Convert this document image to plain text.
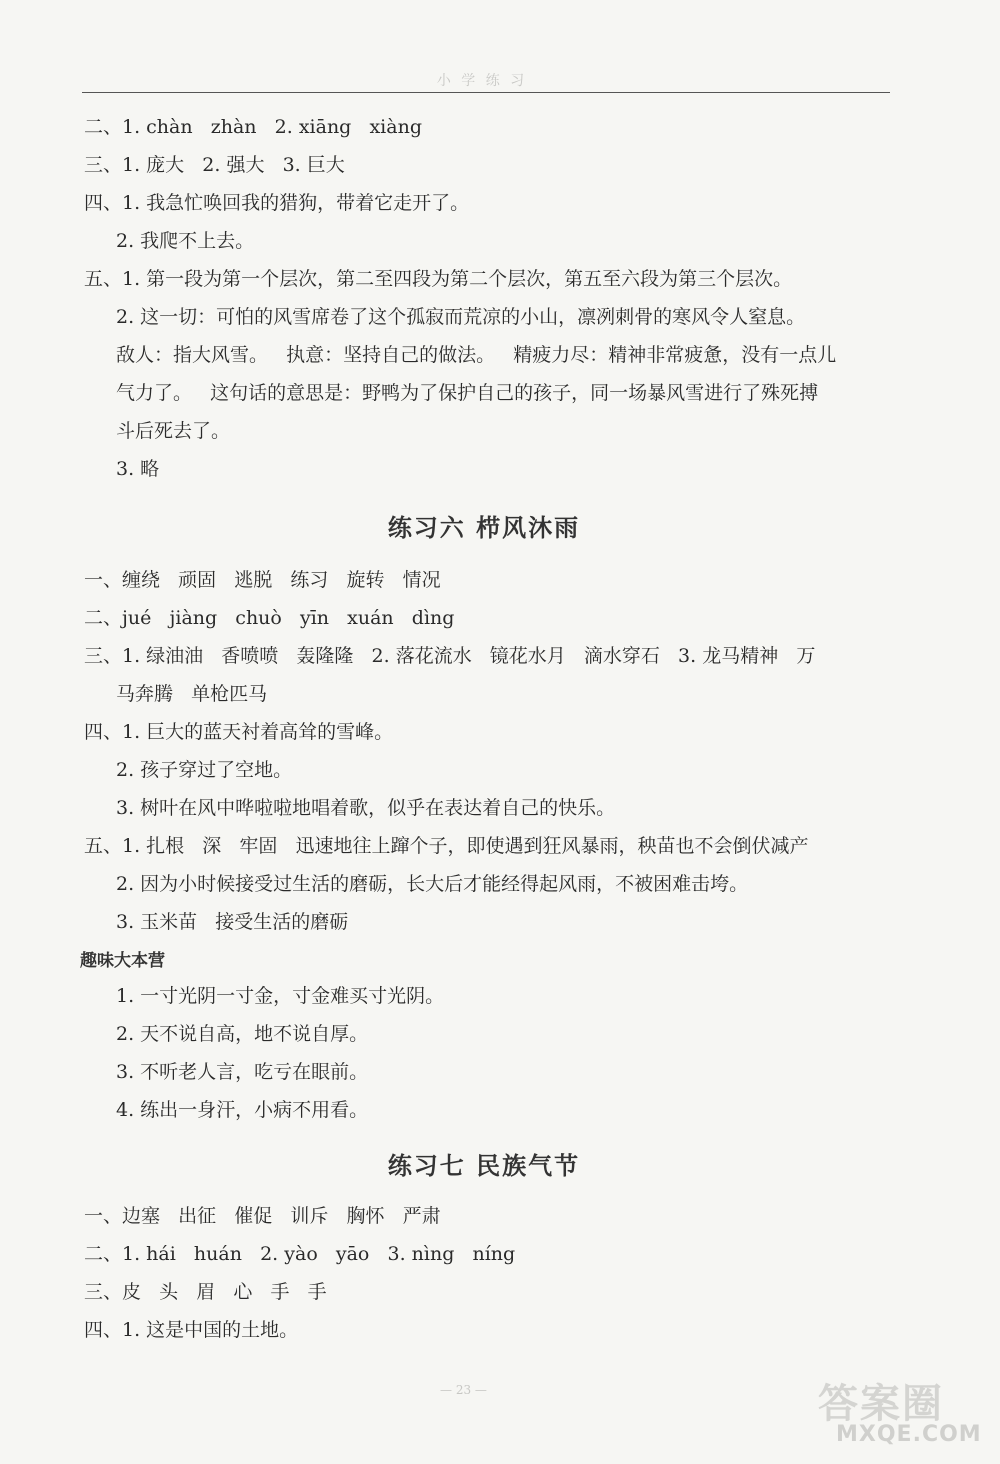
小 学 练 习
二、1. chàn   zhàn   2. xiāng   xiàng
三、1. 庞大   2. 强大   3. 巨大
四、1. 我急忙唤回我的猎狗，带着它走开了。
2. 我爬不上去。
五、1. 第一段为第一个层次，第二至四段为第二个层次，第五至六段为第三个层次。
2. 这一切：可怕的风雪席卷了这个孤寂而荒凉的小山，凛冽刺骨的寒风令人窒息。
敌人：指大风雪。   执意：坚持自己的做法。   精疲力尽：精神非常疲惫，没有一点儿
气力了。   这句话的意思是：野鸭为了保护自己的孩子，同一场暴风雪进行了殊死搏
斗后死去了。
3. 略
练习六 栉风沐雨
一、缠绕   顽固   逃脱   练习   旋转   情况
二、jué   jiàng   chuò   yīn   xuán   dìng
三、1. 绿油油   香喷喷   轰隆隆   2. 落花流水   镜花水月   滴水穿石   3. 龙马精神   万
马奔腾   单枪匹马
四、1. 巨大的蓝天衬着高耸的雪峰。
2. 孩子穿过了空地。
3. 树叶在风中哗啦啦地唱着歌，似乎在表达着自己的快乐。
五、1. 扎根   深   牢固   迅速地往上蹿个子，即使遇到狂风暴雨，秧苗也不会倒伏减产
2. 因为小时候接受过生活的磨砺，长大后才能经得起风雨，不被困难击垮。
3. 玉米苗   接受生活的磨砺
趣味大本营
1. 一寸光阴一寸金，寸金难买寸光阴。
2. 天不说自高，地不说自厚。
3. 不听老人言，吃亏在眼前。
4. 练出一身汗，小病不用看。
练习七 民族气节
一、边塞   出征   催促   训斥   胸怀   严肃
二、1. hái   huán   2. yào   yāo   3. nìng   níng
三、皮   头   眉   心   手   手
四、1. 这是中国的土地。
— 23 —	答案圈
MXQE.COM
